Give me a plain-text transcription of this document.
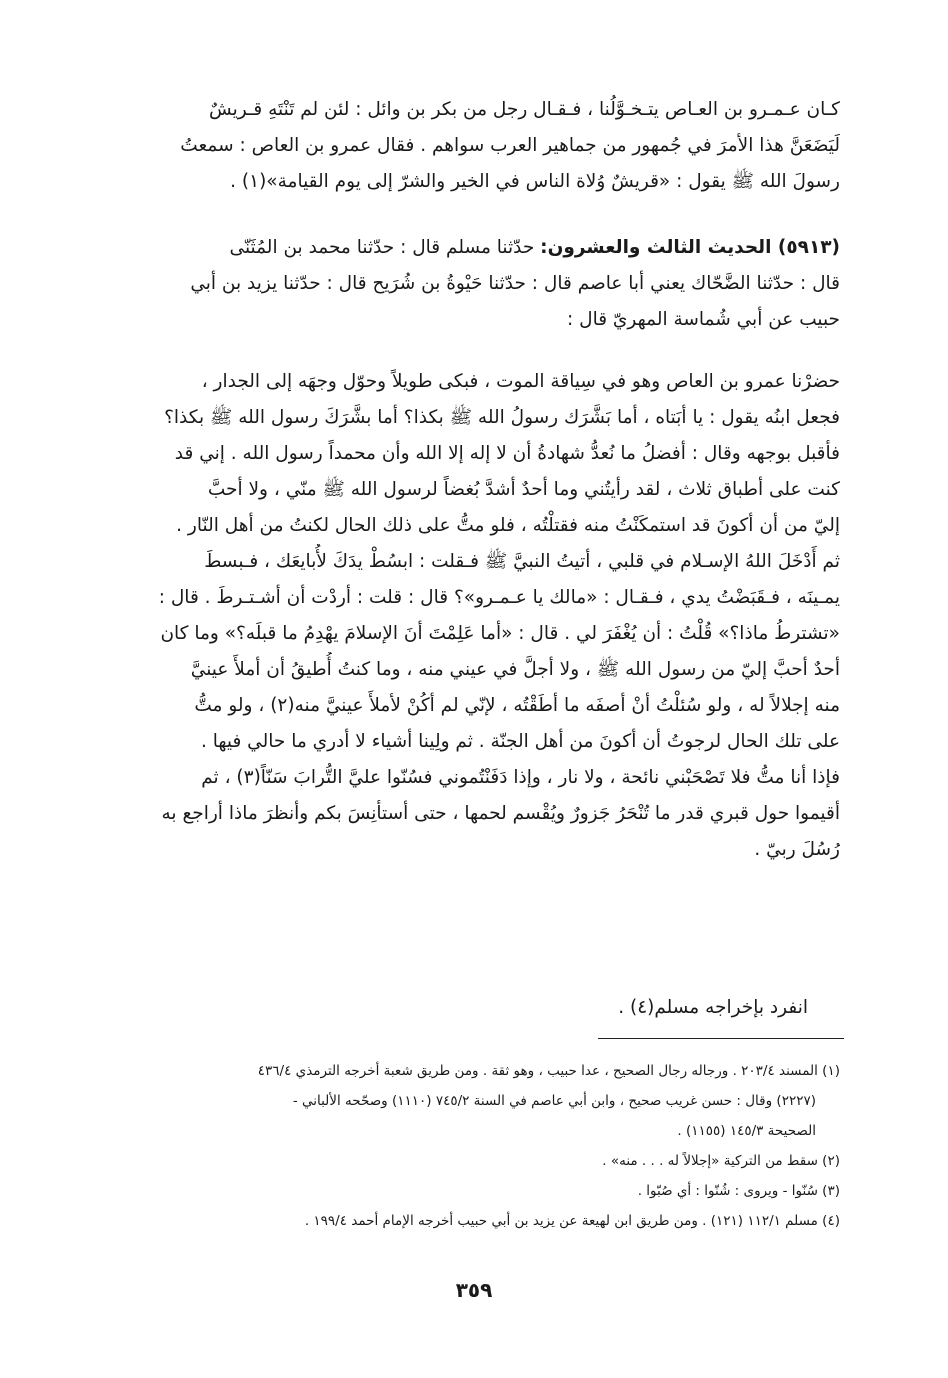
كـان عـمـرو بن العـاص يتـخـوَّلُنا ، فـقـال رجل من بكر بن وائل : لئن لم تَنْتَهِ قـريشٌ
لَيَضَعَنَّ هذا الأمرَ في جُمهور من جماهير العرب سواهم . فقال عمرو بن العاص : سمعتُ
رسولَ الله ﷺ يقول : «قريشٌ وُلاة الناس في الخير والشرّ إلى يوم القيامة»(١) .
(٥٩١٣) الحديث الثالث والعشرون: حدّثنا مسلم قال : حدّثنا محمد بن المُثَنّى
قال : حدّثنا الضَّحّاك يعني أبا عاصم قال : حدّثنا حَيْوةُ بن شُرَيح قال : حدّثنا يزيد بن أبي
حبيب عن أبي شُماسة المهريّ قال :
حضرْنا عمرو بن العاص وهو في سِياقة الموت ، فبكى طويلاً وحوّل وجهَه إلى الجدار ،
فجعل ابنُه يقول : يا أبَتاه ، أما بَشَّرَك رسولُ الله ﷺ بكذا؟ أما بشَّرَكَ رسول الله ﷺ بكذا؟
فأقبل بوجهه وقال : أفضلُ ما نُعدُّ شهادةُ أن لا إله إلا الله وأن محمداً رسول الله . إني قد
كنت على أطباق ثلاث ، لقد رأيتُني وما أحدٌ أشدَّ بُغضاً لرسول الله ﷺ منّي ، ولا أحبَّ
إليّ من أن أكونَ قد استمكَنْتُ منه فقتلْتُه ، فلو متُّ على ذلك الحال لكنتُ من أهل النّار .
ثم أَدْخَلَ اللهُ الإسـلام في قلبي ، أتيتُ النبيَّ ﷺ فـقلت : ابسُطْ يدَكَ لأُبايعَك ، فـبسطَ
يمـينَه ، فـقَبَضْتُ يدي ، فـقـال : «مالك يا عـمـرو»؟ قال : قلت : أردْت أن أشـتـرطَ . قال :
«تشترطُ ماذا؟» قُلْتُ : أن يُغْفَرَ لي . قال : «أما عَلِمْتَ أنَ الإسلامَ يهْدِمُ ما قبلَه؟» وما كان
أحدٌ أحبَّ إليّ من رسول الله ﷺ ، ولا أجلَّ في عيني منه ، وما كنتُ أُطيقُ أن أملأَ عينيَّ
منه إجلالاً له ، ولو سُئلْتُ أنْ أصفَه ما أطَقْتُه ، لإنّي لم أكُنْ لأملأَ عينيَّ منه(٢) ، ولو متُّ
على تلك الحال لرجوتُ أن أكونَ من أهل الجنّة . ثم ولِينا أشياء لا أدري ما حالي فيها .
فإذا أنا متُّ فلا تَصْحَبْني نائحة ، ولا نار ، وإذا دَفَنْتُموني فسُنّوا عليَّ التُّرابَ سَنّاً(٣) ، ثم
أقيموا حول قبري قدر ما تُنْحَرُ جَزورٌ ويُقْسم لحمها ، حتى أستأنِسَ بكم وأنظرَ ماذا أراجع به
رُسُلَ ربيّ .
انفرد بإخراجه مسلم(٤) .
(١) المسند ٢٠٣/٤ . ورجاله رجال الصحيح ، عدا حبيب ، وهو ثقة . ومن طريق شعبة أخرجه الترمذي ٤٣٦/٤
(٢٢٢٧) وقال : حسن غريب صحيح ، وابن أبي عاصم في السنة ٧٤٥/٢ (١١١٠) وصحّحه الألباني -
الصحيحة ١٤٥/٣ (١١٥٥) .
(٢) سقط من التركية «إجلالاً له . . . منه» .
(٣) سُنّوا - ويروى : شُنّوا : أي صُبّوا .
(٤) مسلم ١١٢/١ (١٢١) . ومن طريق ابن لهيعة عن يزيد بن أبي حبيب أخرجه الإمام أحمد ١٩٩/٤ .
٣٥٩
